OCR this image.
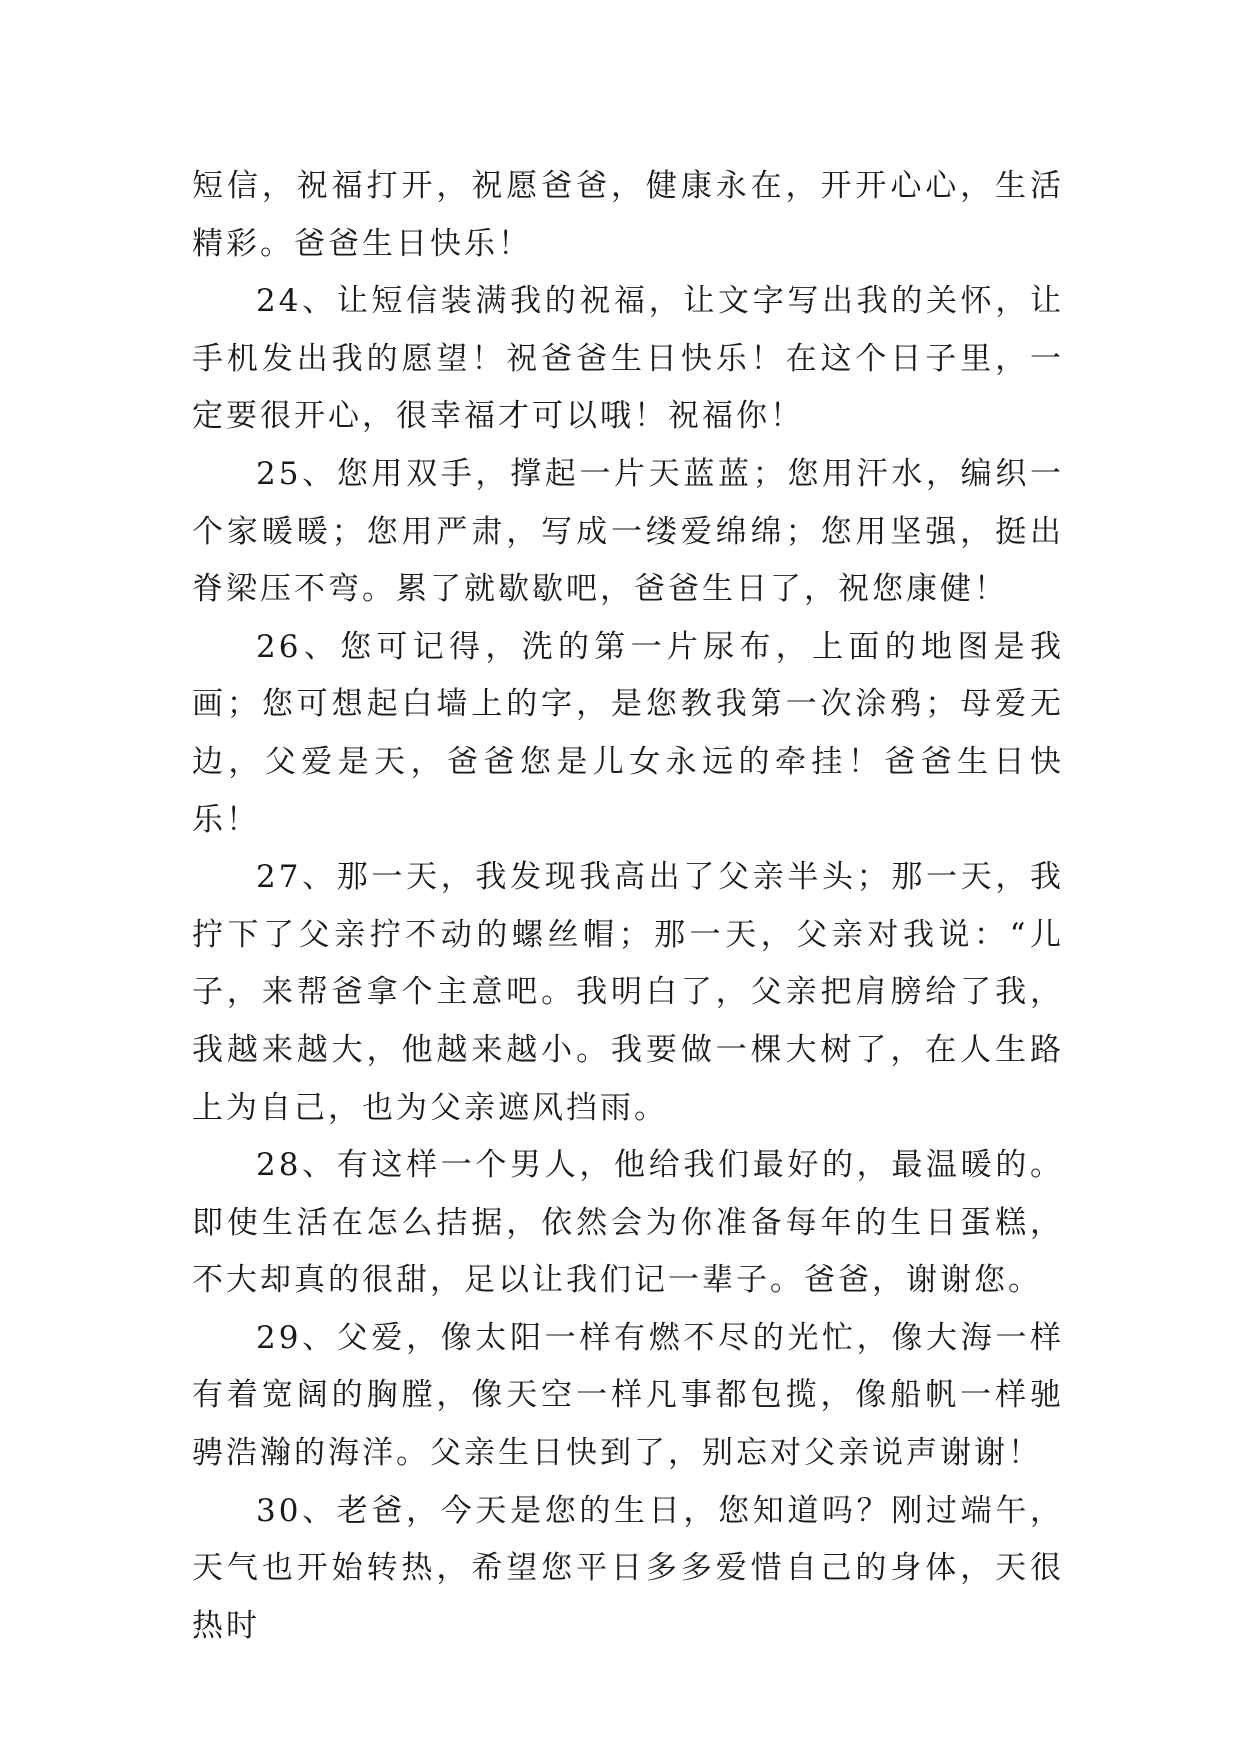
短信，祝福打开，祝愿爸爸，健康永在，开开心心，生活精彩。爸爸生日快乐！

24、让短信装满我的祝福，让文字写出我的关怀，让手机发出我的愿望！祝爸爸生日快乐！在这个日子里，一定要很开心，很幸福才可以哦！祝福你！

25、您用双手，撑起一片天蓝蓝；您用汗水，编织一个家暖暖；您用严肃，写成一缕爱绵绵；您用坚强，挺出脊梁压不弯。累了就歇歇吧，爸爸生日了，祝您康健！

26、您可记得，洗的第一片尿布，上面的地图是我画；您可想起白墙上的字，是您教我第一次涂鸦；母爱无边，父爱是天，爸爸您是儿女永远的牵挂！爸爸生日快乐！

27、那一天，我发现我高出了父亲半头；那一天，我拧下了父亲拧不动的螺丝帽；那一天，父亲对我说：“儿子，来帮爸拿个主意吧。我明白了，父亲把肩膀给了我，我越来越大，他越来越小。我要做一棵大树了，在人生路上为自己，也为父亲遮风挡雨。

28、有这样一个男人，他给我们最好的，最温暖的。即使生活在怎么拮据，依然会为你准备每年的生日蛋糕，不大却真的很甜，足以让我们记一辈子。爸爸，谢谢您。

29、父爱，像太阳一样有燃不尽的光忙，像大海一样有着宽阔的胸膛，像天空一样凡事都包揽，像船帆一样驰骋浩瀚的海洋。父亲生日快到了，别忘对父亲说声谢谢！

30、老爸，今天是您的生日，您知道吗？刚过端午，天气也开始转热，希望您平日多多爱惜自己的身体，天很热时
